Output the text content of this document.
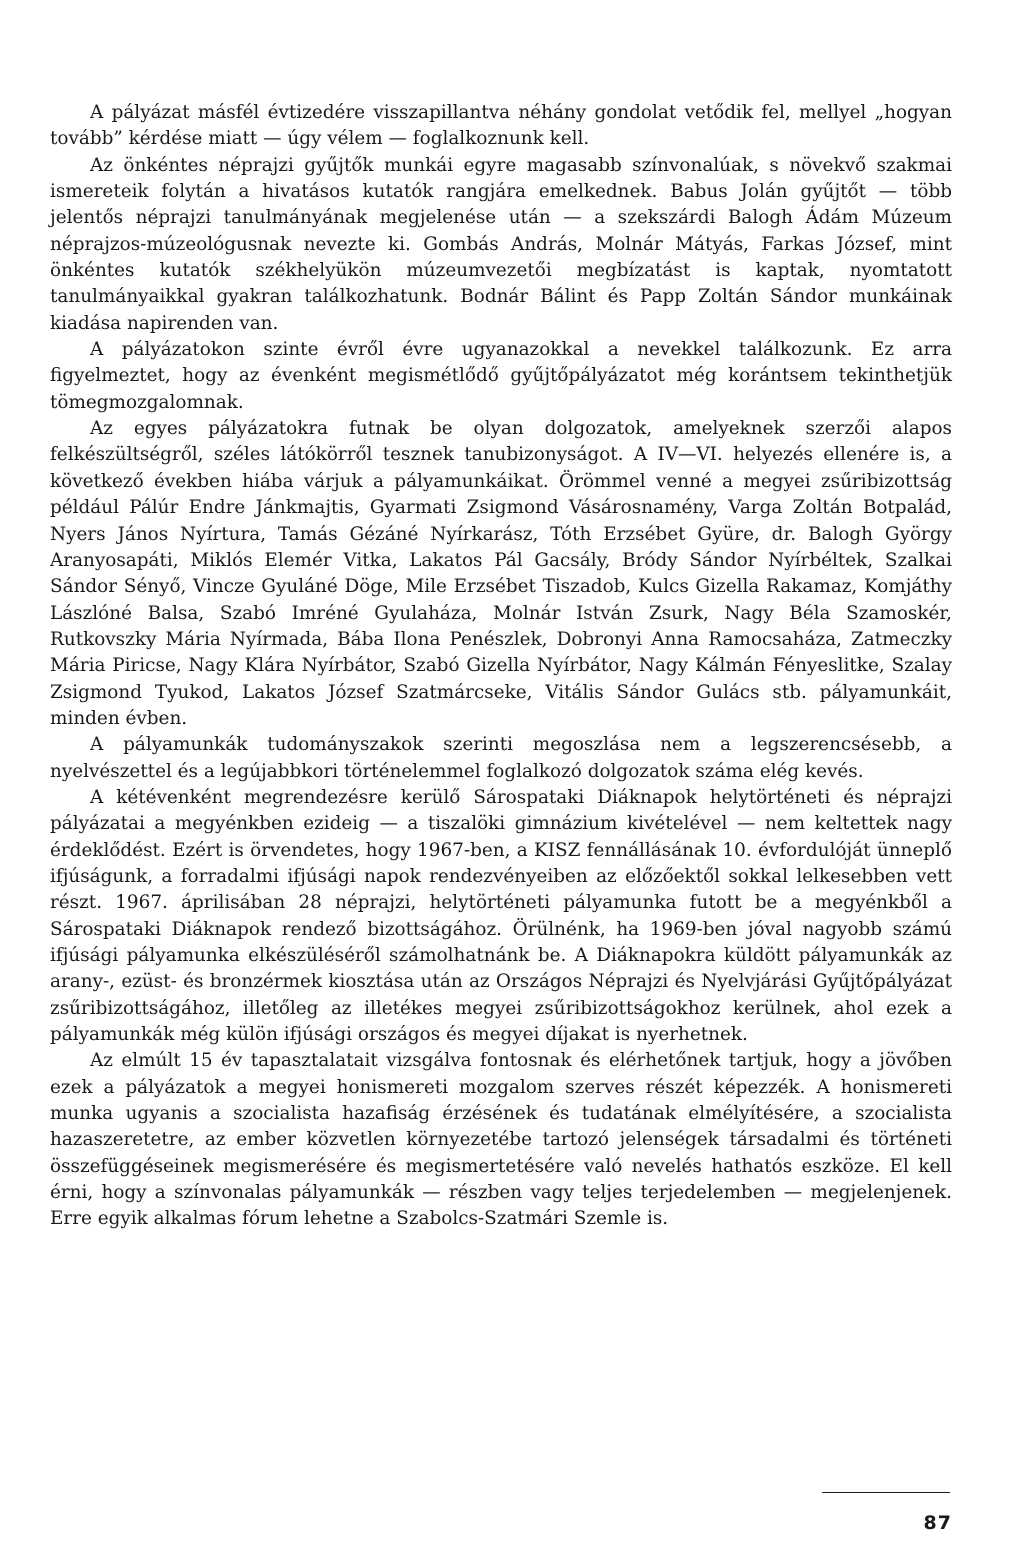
A pályázat másfél évtizedére visszapillantva néhány gondolat vetődik fel, mellyel „hogyan tovább” kérdése miatt — úgy vélem — foglalkoznunk kell.

Az önkéntes néprajzi gyűjtők munkái egyre magasabb színvonalúak, s növekvő szakmai ismereteik folytán a hivatásos kutatók rangjára emelkednek. Babus Jolán gyűjtőt — több jelentős néprajzi tanulmányának megjelenése után — a szekszárdi Balogh Ádám Múzeum néprajzos-múzeológusnak nevezte ki. Gombás András, Molnár Mátyás, Farkas József, mint önkéntes kutatók székhelyükön múzeumvezetői megbízatást is kaptak, nyomtatott tanulmányaikkal gyakran találkozhatunk. Bodnár Bálint és Papp Zoltán Sándor munkáinak kiadása napirenden van.

A pályázatokon szinte évről évre ugyanazokkal a nevekkel találkozunk. Ez arra figyelmeztet, hogy az évenként megismétlődő gyűjtőpályázatot még korántsem tekinthetjük tömegmozgalomnak.

Az egyes pályázatokra futnak be olyan dolgozatok, amelyeknek szerzői alapos felkészültségről, széles látókörről tesznek tanubizonyságot. A IV—VI. helyezés ellenére is, a következő években hiába várjuk a pályamunkáikat. Örömmel venné a megyei zsűribizottság például Pálúr Endre Jánkmajtis, Gyarmati Zsigmond Vásárosnamény, Varga Zoltán Botpalád, Nyers János Nyírtura, Tamás Gézáné Nyírkarász, Tóth Erzsébet Gyüre, dr. Balogh György Aranyosapáti, Miklós Elemér Vitka, Lakatos Pál Gacsály, Bródy Sándor Nyírbéltek, Szalkai Sándor Sényő, Vincze Gyuláné Döge, Mile Erzsébet Tiszadob, Kulcs Gizella Rakamaz, Komjáthy Lászlóné Balsa, Szabó Imréné Gyulaháza, Molnár István Zsurk, Nagy Béla Szamoskér, Rutkovszky Mária Nyírmada, Bába Ilona Penészlek, Dobronyi Anna Ramocsaháza, Zatmeczky Mária Piricse, Nagy Klára Nyírbátor, Szabó Gizella Nyírbátor, Nagy Kálmán Fényeslitke, Szalay Zsigmond Tyukod, Lakatos József Szatmárcseke, Vitális Sándor Gulács stb. pályamunkáit, minden évben.

A pályamunkák tudományszakok szerinti megoszlása nem a legszerencsésebb, a nyelvészettel és a legújabbkori történelemmel foglalkozó dolgozatok száma elég kevés.

A kétévenként megrendezésre kerülő Sárospataki Diáknapok helytörténeti és néprajzi pályázatai a megyénkben ezideig — a tiszalöki gimnázium kivételével — nem keltettek nagy érdeklődést. Ezért is örvendetes, hogy 1967-ben, a KISZ fennállásának 10. évfordulóját ünneplő ifjúságunk, a forradalmi ifjúsági napok rendezvényeiben az előzőektől sokkal lelkesebben vett részt. 1967. áprilisában 28 néprajzi, helytörténeti pályamunka futott be a megyénkből a Sárospataki Diáknapok rendező bizottságához. Örülnénk, ha 1969-ben jóval nagyobb számú ifjúsági pályamunka elkészüléséről számolhatnánk be. A Diáknapokra küldött pályamunkák az arany-, ezüst- és bronzérmek kiosztása után az Országos Néprajzi és Nyelvjárási Gyűjtőpályázat zsűribizottságához, illetőleg az illetékes megyei zsűribizottságokhoz kerülnek, ahol ezek a pályamunkák még külön ifjúsági országos és megyei díjakat is nyerhetnek.

Az elmúlt 15 év tapasztalatait vizsgálva fontosnak és elérhetőnek tartjuk, hogy a jövőben ezek a pályázatok a megyei honismereti mozgalom szerves részét képezzék. A honismereti munka ugyanis a szocialista hazafiság érzésének és tudatának elmélyítésére, a szocialista hazaszeretetre, az ember közvetlen környezetébe tartozó jelenségek társadalmi és történeti összefüggéseinek megismerésére és megismertetésére való nevelés hathatós eszköze. El kell érni, hogy a színvonalas pályamunkák — részben vagy teljes terjedelemben — megjelenjenek. Erre egyik alkalmas fórum lehetne a Szabolcs-Szatmári Szemle is.

87
